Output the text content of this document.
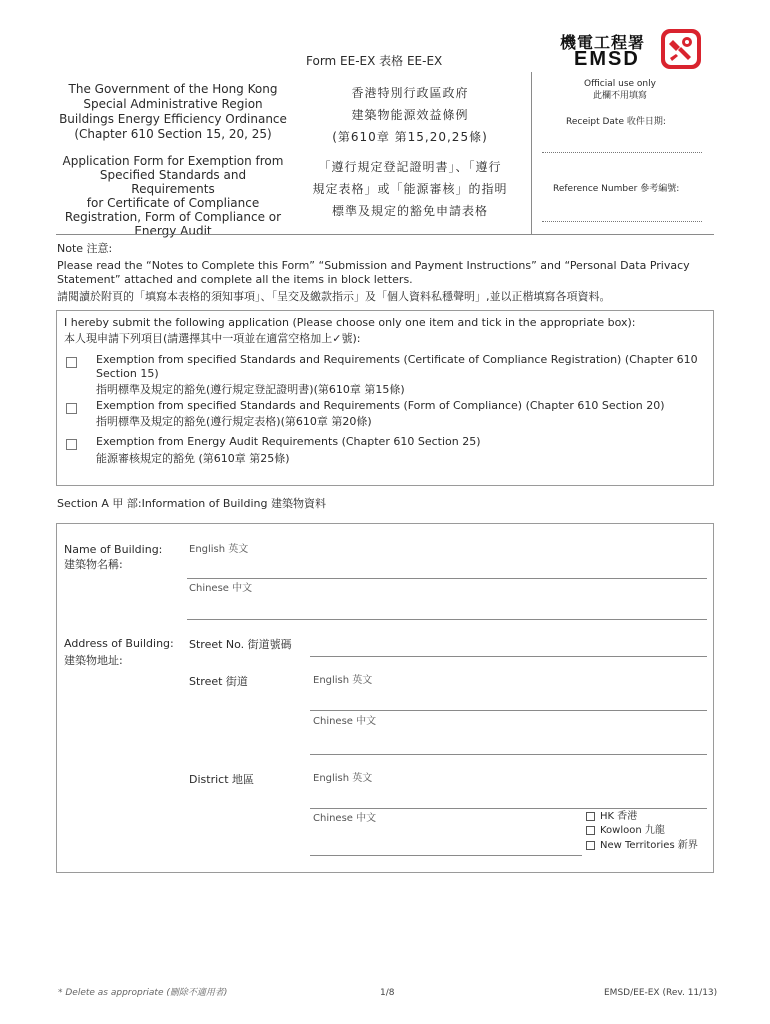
Form EE-EX 表格 EE-EX
機電工程署
EMSD
The Government of the Hong Kong
Special Administrative Region
Buildings Energy Efficiency Ordinance
(Chapter 610 Section 15, 20, 25)
香港特別行政區政府
建築物能源效益條例
(第610章 第15,20,25條)
Application Form for Exemption from
Specified Standards and Requirements
for Certificate of Compliance
Registration, Form of Compliance or
Energy Audit
「遵行規定登記證明書」、「遵行
規定表格」或「能源審核」的指明
標準及規定的豁免申請表格
Official use only
此欄不用填寫
Receipt Date 收件日期:
Reference Number 參考編號:
Note 注意:
Please read the “Notes to Complete this Form” “Submission and Payment Instructions” and “Personal Data Privacy
Statement” attached and complete all the items in block letters.
請閱讀於附頁的「填寫本表格的須知事項」、「呈交及繳款指示」及「個人資料私穩聲明」,並以正楷填寫各項資料。
I hereby submit the following application (Please choose only one item and tick in the appropriate box):
本人現申請下列項目(請選擇其中一項並在適當空格加上✓號):
Exemption from specified Standards and Requirements (Certificate of Compliance Registration) (Chapter 610
Section 15)
指明標準及規定的豁免(遵行規定登記證明書)(第610章 第15條)
Exemption from specified Standards and Requirements (Form of Compliance) (Chapter 610 Section 20)
指明標準及規定的豁免(遵行規定表格)(第610章 第20條)
Exemption from Energy Audit Requirements (Chapter 610 Section 25)
能源審核規定的豁免 (第610章 第25條)
Section A 甲 部:Information of Building 建築物資料
Name of Building:
建築物名稱:
English 英文
Chinese 中文
Address of Building:
建築物地址:
Street No. 街道號碼
Street 街道	English 英文
Chinese 中文
District 地區	English 英文
Chinese 中文	HK 香港
Kowloon 九龍
New Territories 新界
* Delete as appropriate (刪除不適用者)	1/8	EMSD/EE-EX (Rev. 11/13)
